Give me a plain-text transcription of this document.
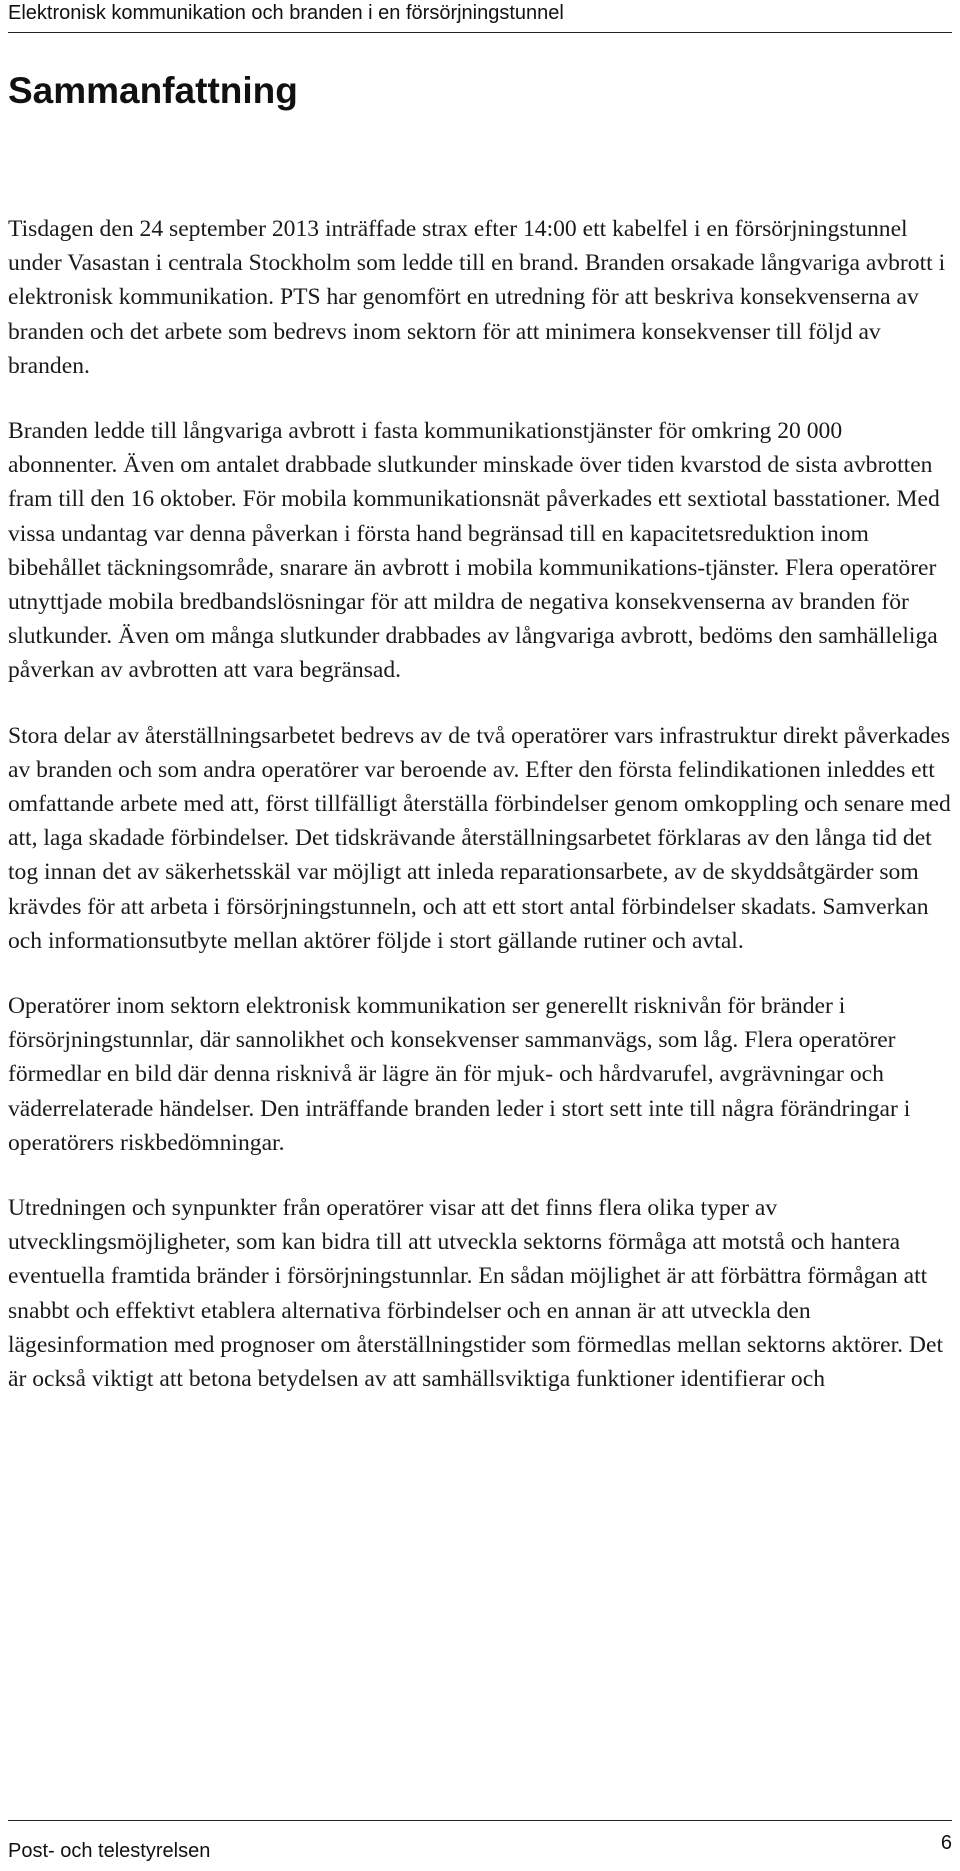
Elektronisk kommunikation och branden i en försörjningstunnel
Sammanfattning

Tisdagen den 24 september 2013 inträffade strax efter 14:00 ett kabelfel i en försörjningstunnel under Vasastan i centrala Stockholm som ledde till en brand. Branden orsakade långvariga avbrott i elektronisk kommunikation. PTS har genomfört en utredning för att beskriva konsekvenserna av branden och det arbete som bedrevs inom sektorn för att minimera konsekvenser till följd av branden.

Branden ledde till långvariga avbrott i fasta kommunikationstjänster för omkring 20 000 abonnenter. Även om antalet drabbade slutkunder minskade över tiden kvarstod de sista avbrotten fram till den 16 oktober. För mobila kommunikationsnät påverkades ett sextiotal basstationer. Med vissa undantag var denna påverkan i första hand begränsad till en kapacitetsreduktion inom bibehållet täckningsområde, snarare än avbrott i mobila kommunikations-tjänster. Flera operatörer utnyttjade mobila bredbandslösningar för att mildra de negativa konsekvenserna av branden för slutkunder. Även om många slutkunder drabbades av långvariga avbrott, bedöms den samhälleliga påverkan av avbrotten att vara begränsad.

Stora delar av återställningsarbetet bedrevs av de två operatörer vars infrastruktur direkt påverkades av branden och som andra operatörer var beroende av. Efter den första felindikationen inleddes ett omfattande arbete med att, först tillfälligt återställa förbindelser genom omkoppling och senare med att, laga skadade förbindelser. Det tidskrävande återställningsarbetet förklaras av den långa tid det tog innan det av säkerhetsskäl var möjligt att inleda reparationsarbete, av de skyddsåtgärder som krävdes för att arbeta i försörjningstunneln, och att ett stort antal förbindelser skadats. Samverkan och informationsutbyte mellan aktörer följde i stort gällande rutiner och avtal.

Operatörer inom sektorn elektronisk kommunikation ser generellt risknivån för bränder i försörjningstunnlar, där sannolikhet och konsekvenser sammanvägs, som låg. Flera operatörer förmedlar en bild där denna risknivå är lägre än för mjuk- och hårdvarufel, avgrävningar och väderrelaterade händelser. Den inträffande branden leder i stort sett inte till några förändringar i operatörers riskbedömningar.

Utredningen och synpunkter från operatörer visar att det finns flera olika typer av utvecklingsmöjligheter, som kan bidra till att utveckla sektorns förmåga att motstå och hantera eventuella framtida bränder i försörjningstunnlar. En sådan möjlighet är att förbättra förmågan att snabbt och effektivt etablera alternativa förbindelser och en annan är att utveckla den lägesinformation med prognoser om återställningstider som förmedlas mellan sektorns aktörer. Det är också viktigt att betona betydelsen av att samhällsviktiga funktioner identifierar och

Post- och telestyrelsen	6
